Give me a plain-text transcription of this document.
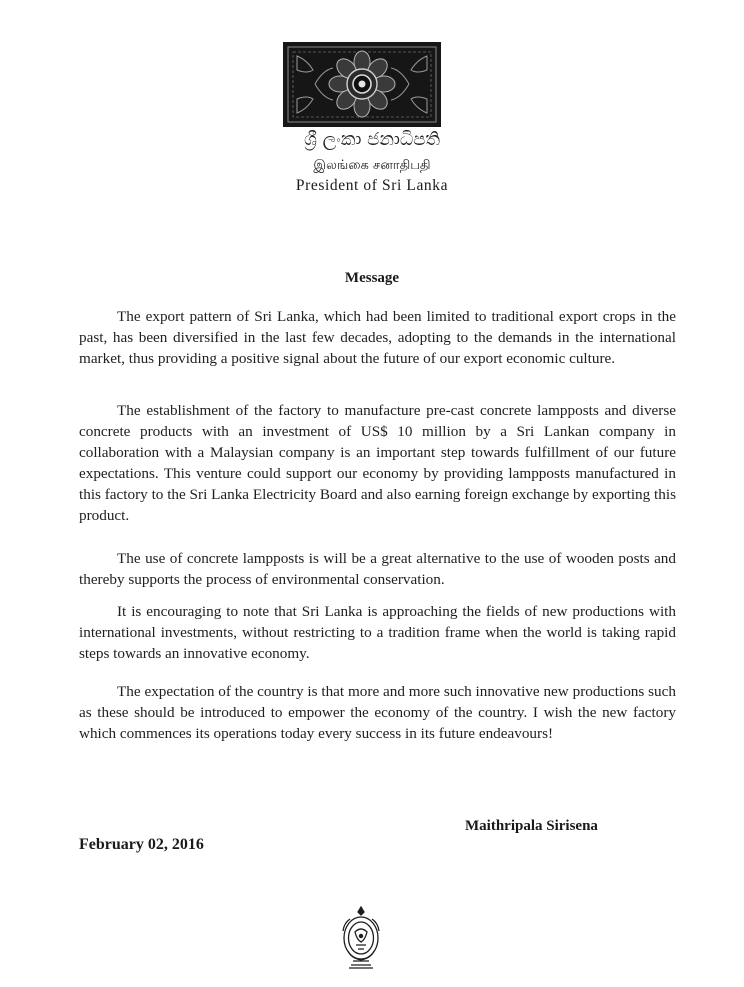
ශ්‍රී ලංකා ජනාධිපති
இலங்கை சனாதிபதி
President of Sri Lanka
Message

The export pattern of Sri Lanka, which had been limited to traditional export crops in the past, has been diversified in the last few decades, adopting to the demands in the international market, thus providing a positive signal about the future of our export economic culture.

The establishment of the factory to manufacture pre-cast concrete lampposts and diverse concrete products with an investment of US$ 10 million by a Sri Lankan company in collaboration with a Malaysian company is an important step towards fulfillment of our future expectations. This venture could support our economy by providing lampposts manufactured in this factory to the Sri Lanka Electricity Board and also earning foreign exchange by exporting this product.

The use of concrete lampposts is will be a great alternative to the use of wooden posts and thereby supports the process of environmental conservation.

It is encouraging to note that Sri Lanka is approaching the fields of new productions with international investments, without restricting to a tradition frame when the world is taking rapid steps towards an innovative economy.

The expectation of the country is that more and more such innovative new productions such as these should be introduced to empower the economy of the country. I wish the new factory which commences its operations today every success in its future endeavours!

Maithripala Sirisena
February 02, 2016
